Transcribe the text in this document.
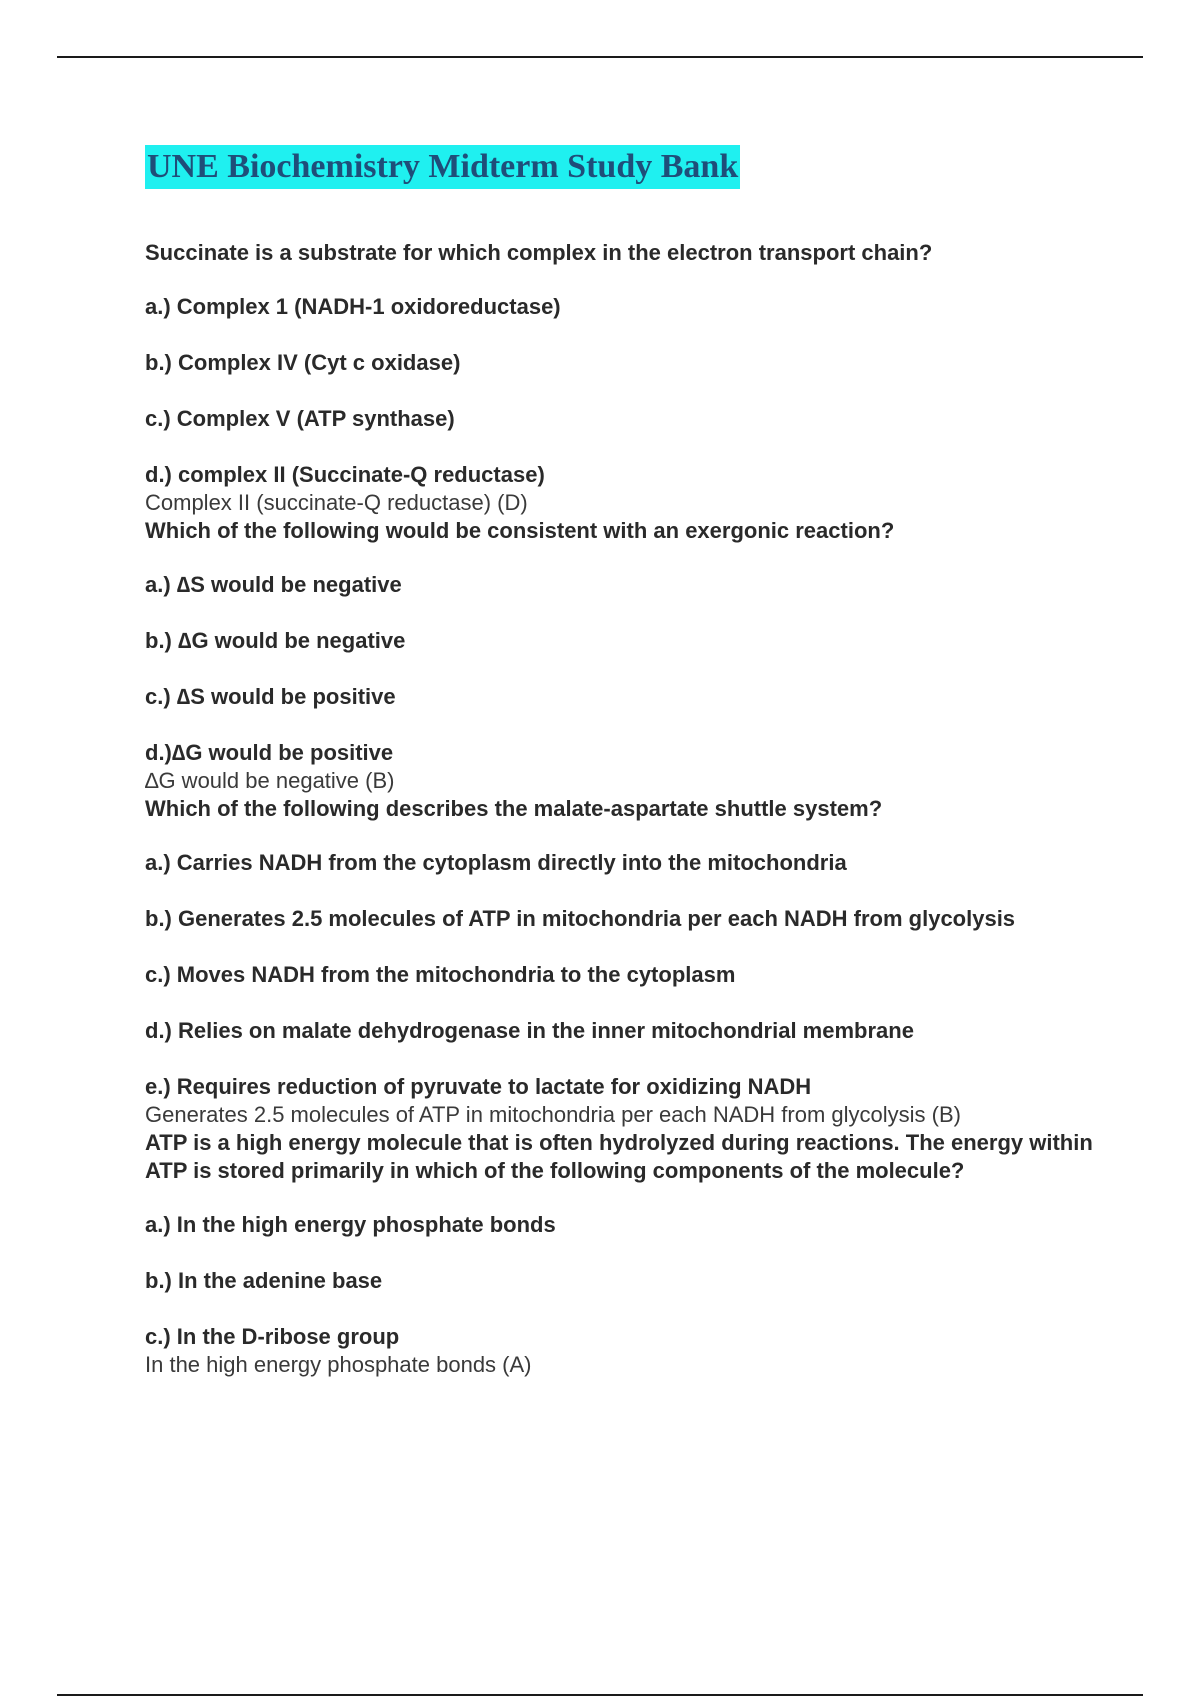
UNE Biochemistry Midterm Study Bank
Succinate is a substrate for which complex in the electron transport chain?
a.) Complex 1 (NADH-1 oxidoreductase)
b.) Complex IV (Cyt c oxidase)
c.) Complex V (ATP synthase)
d.) complex II (Succinate-Q reductase)
Complex II (succinate-Q reductase) (D)
Which of the following would be consistent with an exergonic reaction?
a.) ∆S would be negative
b.) ∆G would be negative
c.) ∆S would be positive
d.)∆G would be positive
∆G would be negative (B)
Which of the following describes the malate-aspartate shuttle system?
a.) Carries NADH from the cytoplasm directly into the mitochondria
b.) Generates 2.5 molecules of ATP in mitochondria per each NADH from glycolysis
c.) Moves NADH from the mitochondria to the cytoplasm
d.) Relies on malate dehydrogenase in the inner mitochondrial membrane
e.) Requires reduction of pyruvate to lactate for oxidizing NADH
Generates 2.5 molecules of ATP in mitochondria per each NADH from glycolysis (B)
ATP is a high energy molecule that is often hydrolyzed during reactions. The energy within ATP is stored primarily in which of the following components of the molecule?
a.) In the high energy phosphate bonds
b.) In the adenine base
c.) In the D-ribose group
In the high energy phosphate bonds (A)
